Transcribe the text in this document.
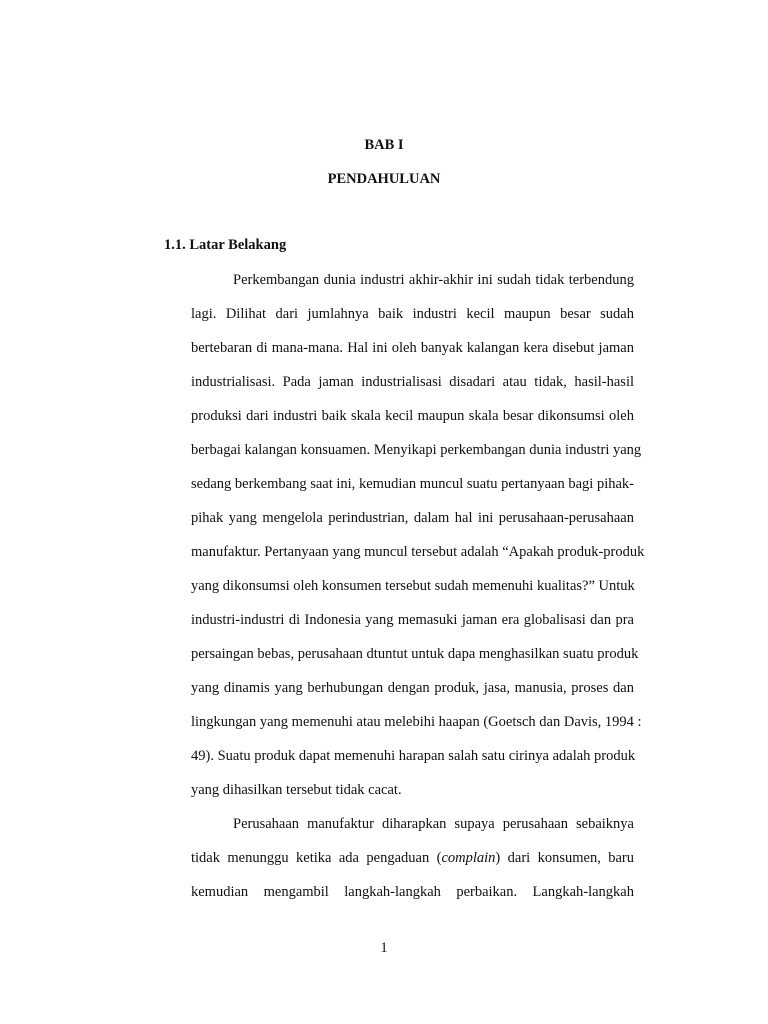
BAB I
PENDAHULUAN
1.1. Latar Belakang
Perkembangan dunia industri akhir-akhir ini sudah tidak terbendung
lagi. Dilihat dari jumlahnya baik industri kecil maupun besar sudah
bertebaran di mana-mana. Hal ini oleh banyak kalangan kera disebut jaman
industrialisasi. Pada jaman industrialisasi disadari atau tidak, hasil-hasil
produksi dari industri baik skala kecil maupun skala besar dikonsumsi oleh
berbagai kalangan konsuamen. Menyikapi perkembangan dunia industri yang
sedang berkembang saat ini, kemudian muncul suatu pertanyaan bagi pihak-
pihak yang mengelola perindustrian, dalam hal ini perusahaan-perusahaan
manufaktur. Pertanyaan yang muncul tersebut adalah “Apakah produk-produk
yang dikonsumsi oleh konsumen tersebut sudah memenuhi kualitas?” Untuk
industri-industri di Indonesia yang memasuki jaman era globalisasi dan pra
persaingan bebas, perusahaan dtuntut untuk dapa menghasilkan suatu produk
yang dinamis yang berhubungan dengan produk, jasa, manusia, proses dan
lingkungan yang memenuhi atau melebihi haapan (Goetsch dan Davis, 1994 :
49). Suatu produk dapat memenuhi harapan salah satu cirinya adalah produk
yang dihasilkan tersebut tidak cacat.
Perusahaan manufaktur diharapkan supaya perusahaan sebaiknya
tidak menunggu ketika ada pengaduan (complain) dari konsumen, baru
kemudian mengambil langkah-langkah perbaikan. Langkah-langkah
1
